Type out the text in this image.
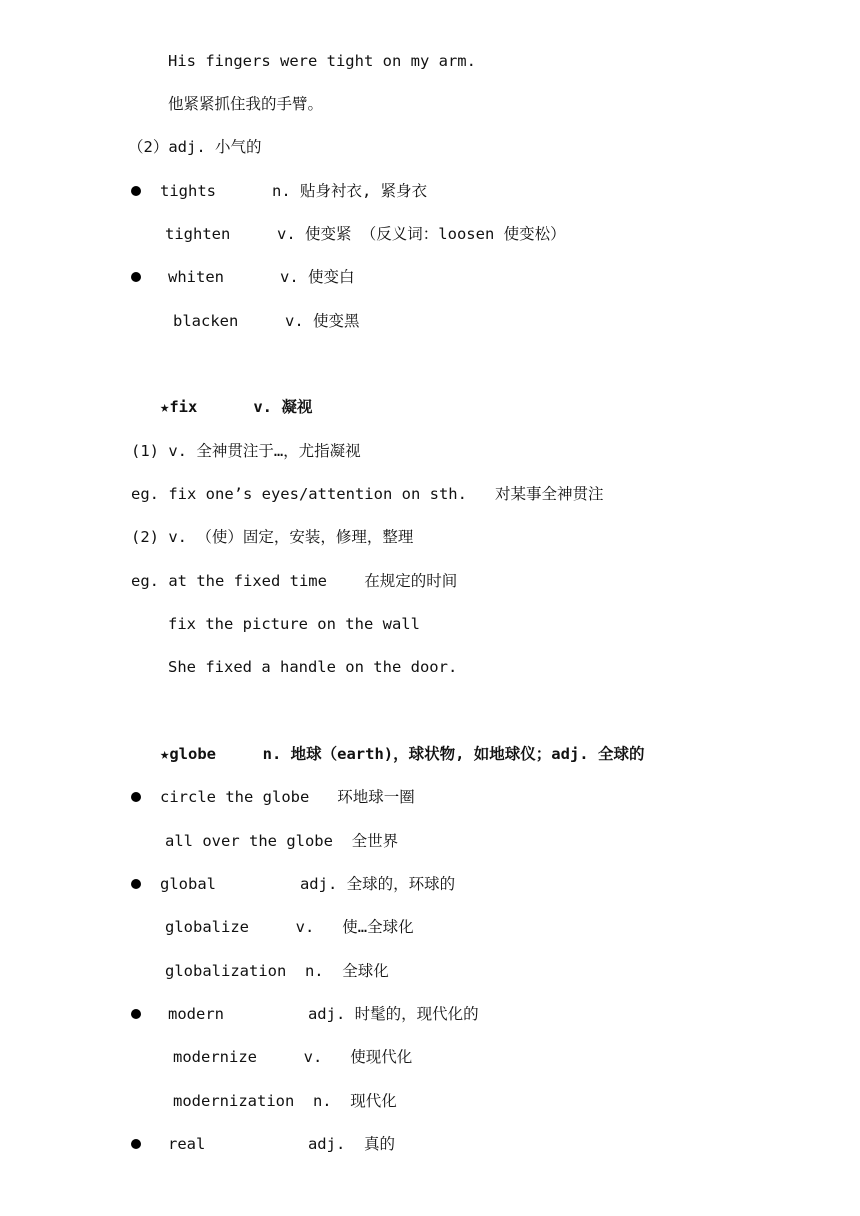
His fingers were tight on my arm.
他紧紧抓住我的手臂。
（2）adj. 小气的
tights      n. 贴身衬衣, 紧身衣
tighten     v. 使变紧 （反义词：loosen 使变松）
whiten      v. 使变白
blacken     v. 使变黑
★fix      v. 凝视
(1) v. 全神贯注于…，尤指凝视
eg. fix one’s eyes/attention on sth.   对某事全神贯注
(2) v. （使）固定，安装，修理，整理
eg. at the fixed time    在规定的时间
fix the picture on the wall
She fixed a handle on the door.
★globe     n. 地球（earth)，球状物, 如地球仪；adj. 全球的
circle the globe   环地球一圈
all over the globe  全世界
global         adj. 全球的，环球的
globalize     v.   使…全球化
globalization  n.  全球化
modern         adj. 时髦的，现代化的
modernize     v.   使现代化
modernization  n.  现代化
real           adj.  真的
